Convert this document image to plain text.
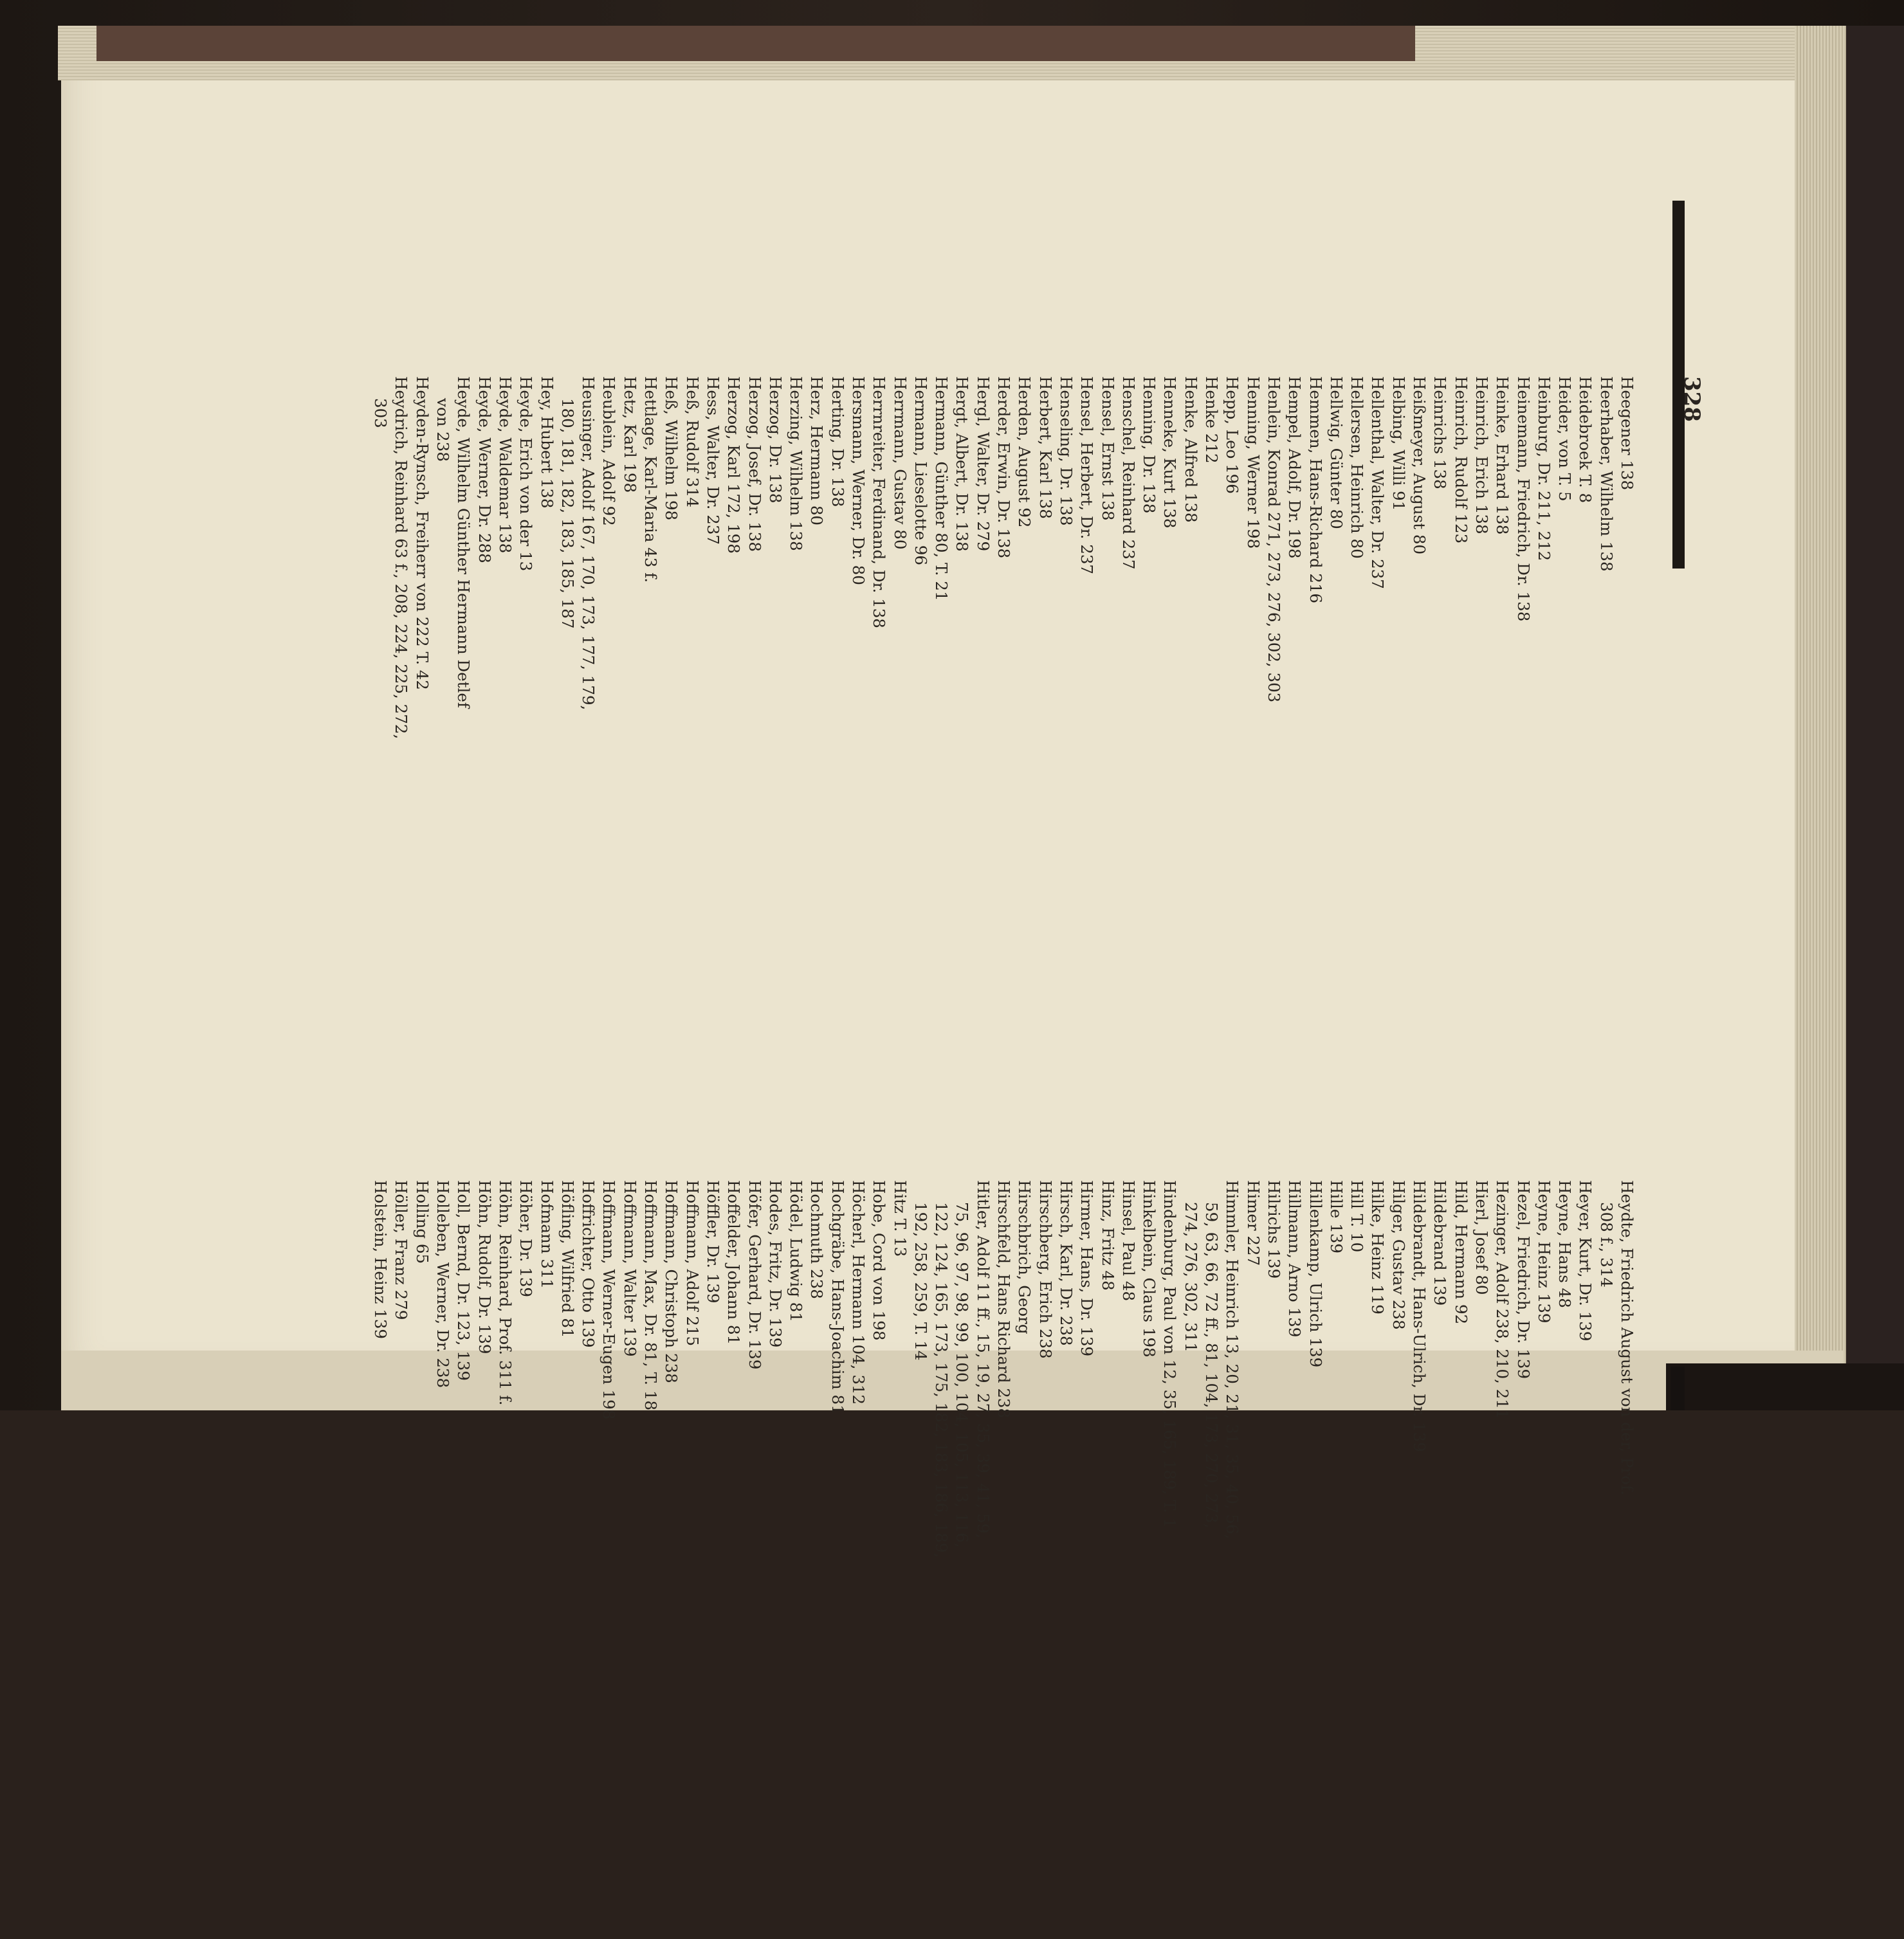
328
Heegener 138
Heerhaber, Wilhelm 138
Heidebroek T. 8
Heider, von T. 5
Heinburg, Dr. 211, 212
Heinemann, Friedrich, Dr. 138
Heinke, Erhard 138
Heinrich, Erich 138
Heinrich, Rudolf 123
Heinrichs 138
Heißmeyer, August 80
Helbing, Willi 91
Hellenthal, Walter, Dr. 237
Hellersen, Heinrich 80
Hellwig, Günter 80
Hemmen, Hans-Richard 216
Hempel, Adolf, Dr. 198
Henlein, Konrad 271, 273, 276, 302, 303
Henning, Werner 198
Hepp, Leo 196
Henke 212
Henke, Alfred 138
Henneke, Kurt 138
Henning, Dr. 138
Henschel, Reinhard 237
Hensel, Ernst 138
Hensel, Herbert, Dr. 237
Henseling, Dr. 138
Herbert, Karl 138
Herden, August 92
Herder, Erwin, Dr. 138
Hergl, Walter, Dr. 279
Hergt, Albert, Dr. 138
Hermann, Günther 80, T. 21
Hermann, Lieselotte 96
Herrmann, Gustav 80
Herrnreiter, Ferdinand, Dr. 138
Hersmann, Werner, Dr. 80
Herting, Dr. 138
Herz, Hermann 80
Herzing, Wilhelm 138
Herzog, Dr. 138
Herzog, Josef, Dr. 138
Herzog, Karl 172, 198
Hess, Walter, Dr. 237
Heß, Rudolf 314
Heß, Wilhelm 198
Hettlage, Karl-Maria 43 f.
Hetz, Karl 198
Heublein, Adolf 92
Heusinger, Adolf 167, 170, 173, 177, 179,
180, 181, 182, 183, 185, 187
Hey, Hubert 138
Heyde, Erich von der 13
Heyde, Waldemar 138
Heyde, Werner, Dr. 288
Heyde, Wilhelm Günther Hermann Detlef
von 238
Heyden-Rynsch, Freiherr von 222 T. 42
Heydrich, Reinhard 63 f., 208, 224, 225, 272,
303
Heydte, Friedrich August von der, Prof.
308 f., 314
Heyer, Kurt, Dr. 139
Heyne, Hans 48
Heyne, Heinz 139
Hezel, Friedrich, Dr. 139
Hezinger, Adolf 238, 210, 211
Hierl, Josef 80
Hild, Hermann 92
Hildebrand 139
Hildebrandt, Hans-Ulrich, Dr. 139
Hilger, Gustav 238
Hilke, Heinz 119
Hill T. 10
Hille 139
Hillenkamp, Ulrich 139
Hillmann, Arno 139
Hilrichs 139
Himer 227
Himmler, Heinrich 13, 20, 21, 31, 35, 40, 56,
59, 63, 66, 72 ff., 81, 104, 173, 270, 273,
274, 276, 302, 311
Hindenburg, Paul von 12, 35, 165, 189, T. 1
Hinkelbein, Claus 198
Hinsel, Paul 48
Hinz, Fritz 48
Hirmer, Hans, Dr. 139
Hirsch, Karl, Dr. 238
Hirschberg, Erich 238
Hirschbrich, Georg
Hirschfeld, Hans Richard 238
Hitler, Adolf 11 ff., 15, 19, 27, 35, 39, 41, 59,
75, 96, 97, 98, 99, 100, 104, 105, 113, 116,
122, 124, 165, 173, 175, 182, 183, 186, 189,
192, 258, 259, T. 14
Hitz T. 13
Hobe, Cord von 198
Höcherl, Hermann 104, 312
Hochgräbe, Hans-Joachim 81
Hochmuth 238
Hödel, Ludwig 81
Hodes, Fritz, Dr. 139
Höfer, Gerhard, Dr. 139
Hoffelder, Johann 81
Höffler, Dr. 139
Hoffmann, Adolf 215
Hoffmann, Christoph 238
Hoffmann, Max, Dr. 81, T. 18
Hoffmann, Walter 139
Hoffmann, Werner-Eugen 198
Hoffrichter, Otto 139
Höfling, Wilfried 81
Hofmann 311
Höher, Dr. 139
Höhn, Reinhard, Prof. 311 f.
Höhn, Rudolf, Dr. 139
Holl, Bernd, Dr. 123, 139
Holleben, Werner, Dr. 238
Holling 65
Höller, Franz 279
Holstein, Heinz 139
